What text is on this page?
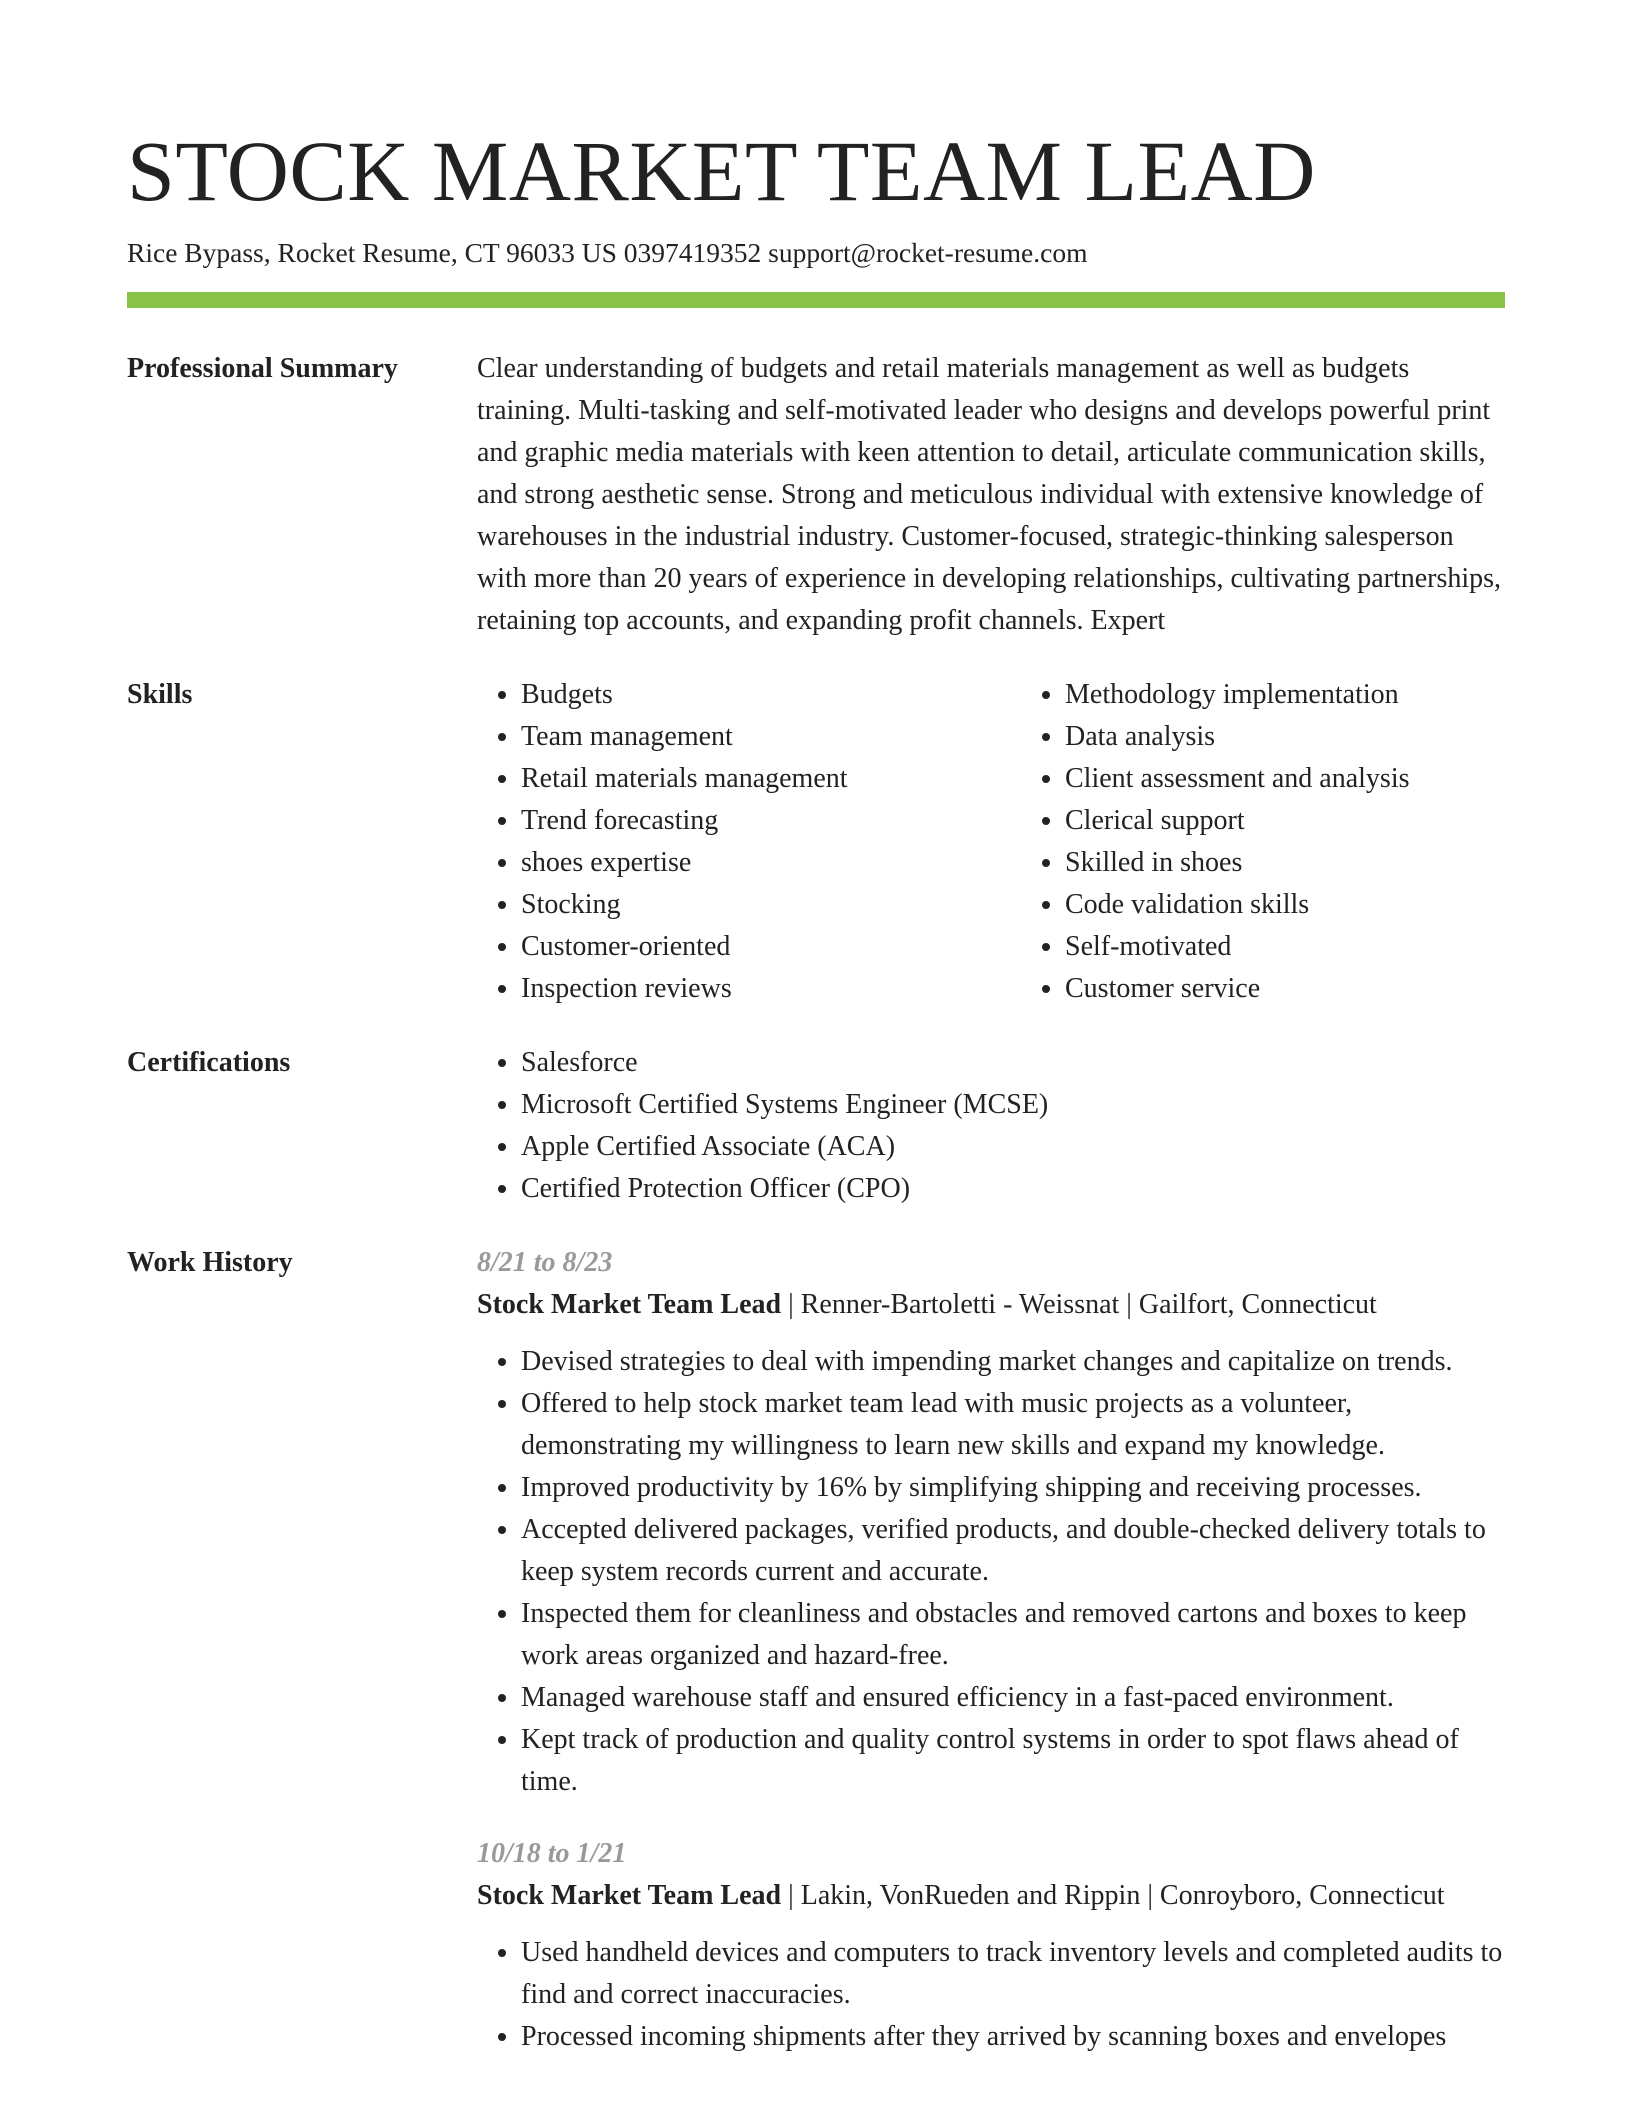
STOCK MARKET TEAM LEAD
Rice Bypass, Rocket Resume, CT 96033 US 0397419352 support@rocket-resume.com
Professional Summary	Clear understanding of budgets and retail materials management as well as budgets training. Multi-tasking and self-motivated leader who designs and develops powerful print and graphic media materials with keen attention to detail, articulate communication skills, and strong aesthetic sense. Strong and meticulous individual with extensive knowledge of warehouses in the industrial industry. Customer-focused, strategic-thinking salesperson with more than 20 years of experience in developing relationships, cultivating partnerships, retaining top accounts, and expanding profit channels. Expert

Skills	• Budgets
• Team management
• Retail materials management
• Trend forecasting
• shoes expertise
• Stocking
• Customer-oriented
• Inspection reviews
• Methodology implementation
• Data analysis
• Client assessment and analysis
• Clerical support
• Skilled in shoes
• Code validation skills
• Self-motivated
• Customer service
Certifications	• Salesforce
• Microsoft Certified Systems Engineer (MCSE)
• Apple Certified Associate (ACA)
• Certified Protection Officer (CPO)
Work History	8/21 to 8/23
Stock Market Team Lead | Renner-Bartoletti - Weissnat | Gailfort, Connecticut
• Devised strategies to deal with impending market changes and capitalize on trends.
• Offered to help stock market team lead with music projects as a volunteer, demonstrating my willingness to learn new skills and expand my knowledge.
• Improved productivity by 16% by simplifying shipping and receiving processes.
• Accepted delivered packages, verified products, and double-checked delivery totals to keep system records current and accurate.
• Inspected them for cleanliness and obstacles and removed cartons and boxes to keep work areas organized and hazard-free.
• Managed warehouse staff and ensured efficiency in a fast-paced environment.
• Kept track of production and quality control systems in order to spot flaws ahead of time.
10/18 to 1/21
Stock Market Team Lead | Lakin, VonRueden and Rippin | Conroyboro, Connecticut
• Used handheld devices and computers to track inventory levels and completed audits to find and correct inaccuracies.
• Processed incoming shipments after they arrived by scanning boxes and envelopes
